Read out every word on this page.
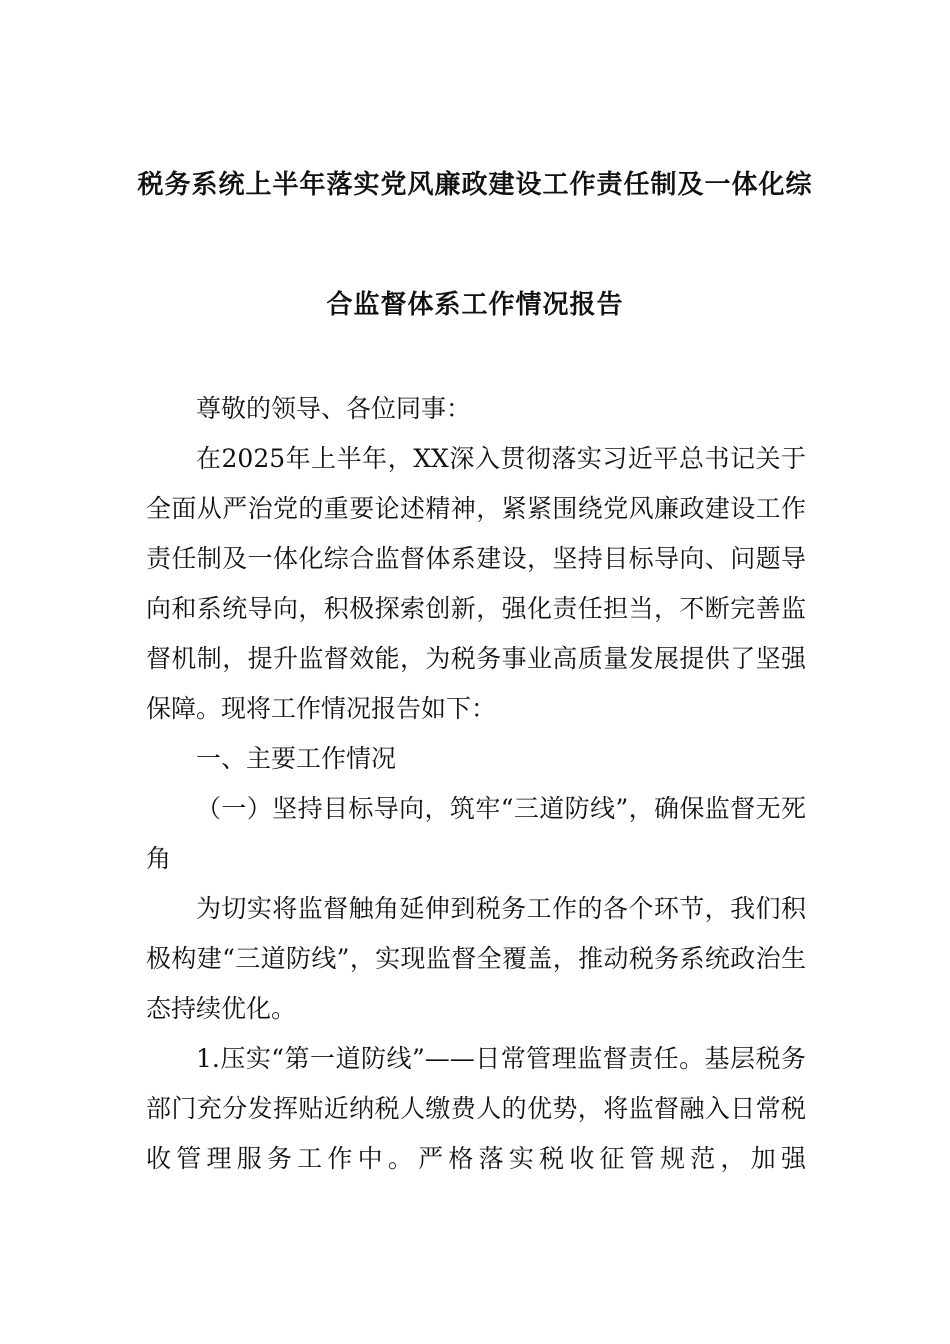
税务系统上半年落实党风廉政建设工作责任制及一体化综
合监督体系工作情况报告

尊敬的领导、各位同事：

在2025年上半年，XX深入贯彻落实习近平总书记关于全面从严治党的重要论述精神，紧紧围绕党风廉政建设工作责任制及一体化综合监督体系建设，坚持目标导向、问题导向和系统导向，积极探索创新，强化责任担当，不断完善监督机制，提升监督效能，为税务事业高质量发展提供了坚强保障。现将工作情况报告如下：

一、主要工作情况

（一）坚持目标导向，筑牢“三道防线”，确保监督无死角

为切实将监督触角延伸到税务工作的各个环节，我们积极构建“三道防线”，实现监督全覆盖，推动税务系统政治生态持续优化。

1.压实“第一道防线”——日常管理监督责任。基层税务部门充分发挥贴近纳税人缴费人的优势，将监督融入日常税收管理服务工作中。严格落实税收征管规范，加强
